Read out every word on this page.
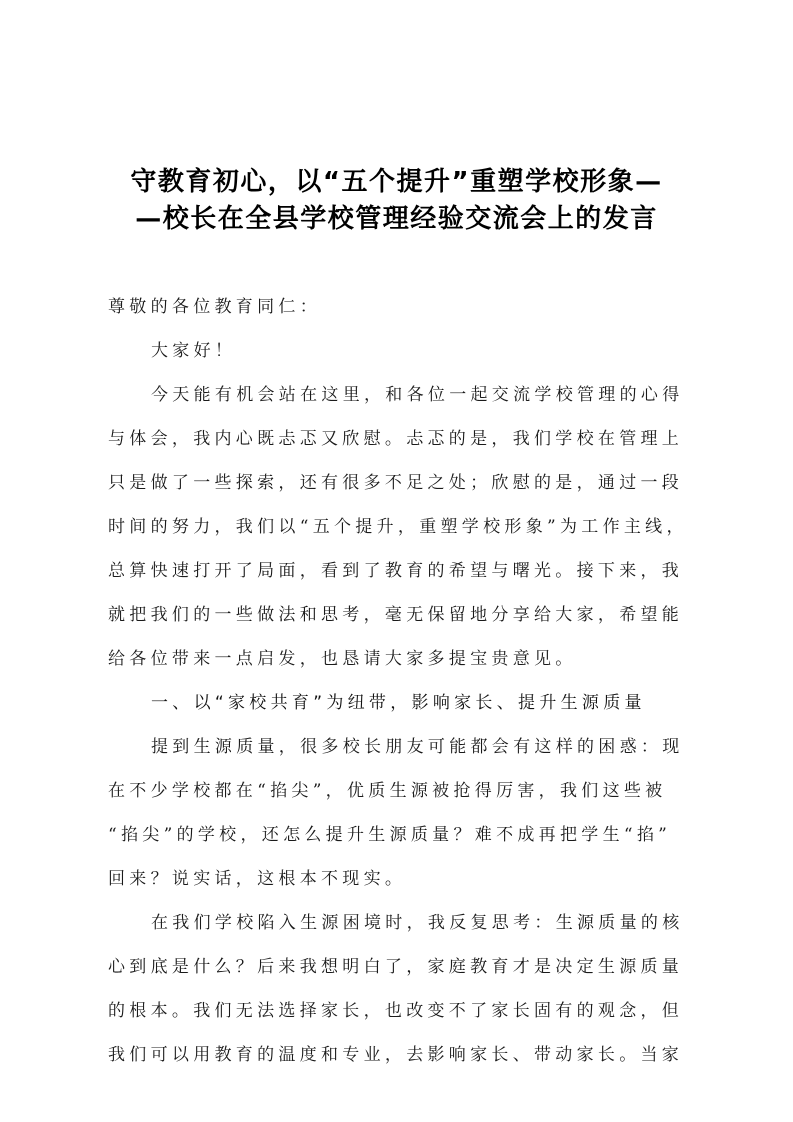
守教育初心，以“五个提升”重塑学校形象—
—校长在全县学校管理经验交流会上的发言
尊敬的各位教育同仁：
大家好！
今天能有机会站在这里，和各位一起交流学校管理的心得
与体会，我内心既忐忑又欣慰。忐忑的是，我们学校在管理上
只是做了一些探索，还有很多不足之处；欣慰的是，通过一段
时间的努力，我们以“五个提升，重塑学校形象”为工作主线，
总算快速打开了局面，看到了教育的希望与曙光。接下来，我
就把我们的一些做法和思考，毫无保留地分享给大家，希望能
给各位带来一点启发，也恳请大家多提宝贵意见。
一、以“家校共育”为纽带，影响家长、提升生源质量
提到生源质量，很多校长朋友可能都会有这样的困惑：现
在不少学校都在“掐尖”，优质生源被抢得厉害，我们这些被
“掐尖”的学校，还怎么提升生源质量？难不成再把学生“掐”
回来？说实话，这根本不现实。
在我们学校陷入生源困境时，我反复思考：生源质量的核
心到底是什么？后来我想明白了，家庭教育才是决定生源质量
的根本。我们无法选择家长，也改变不了家长固有的观念，但
我们可以用教育的温度和专业，去影响家长、带动家长。当家
